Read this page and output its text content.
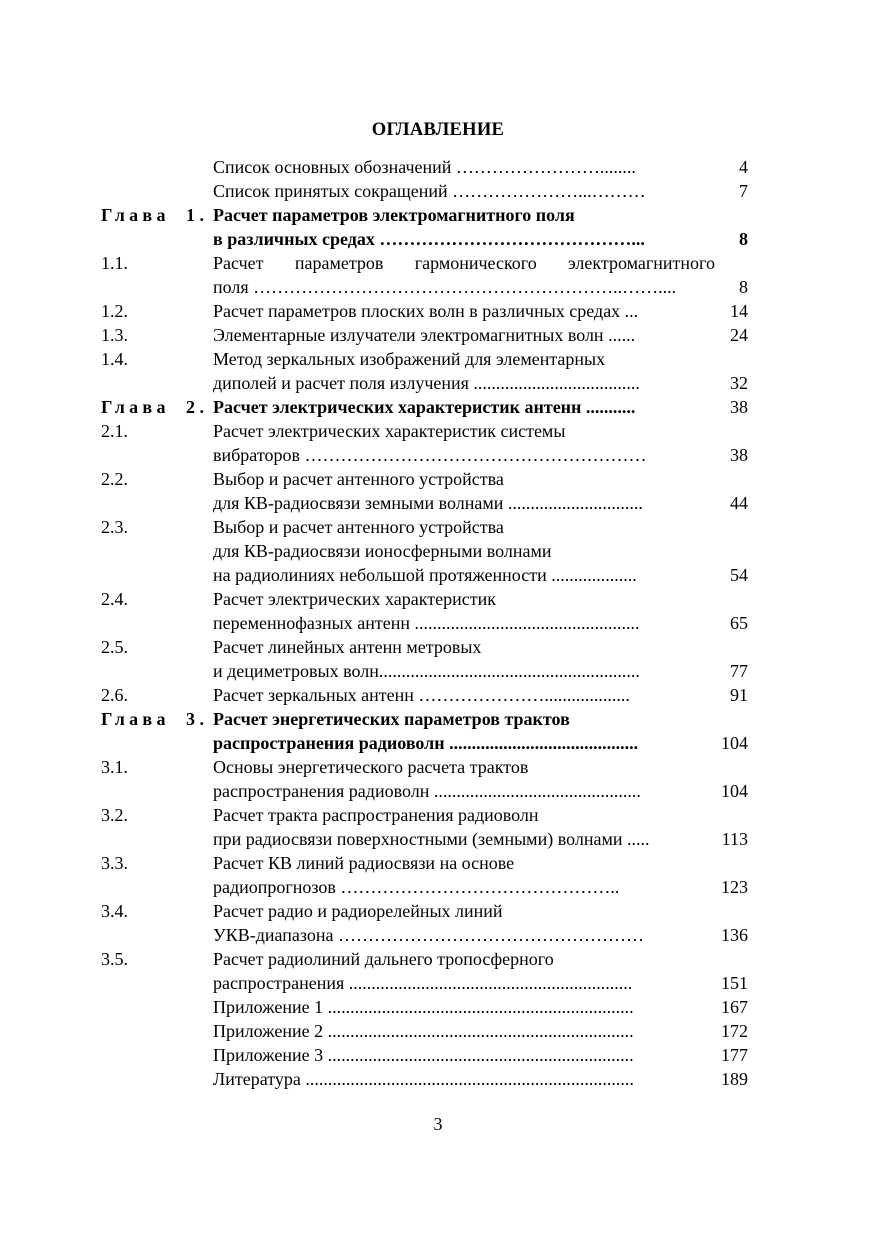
ОГЛАВЛЕНИЕ
Список основных обозначений ……………………........	4
Список принятых сокращений …………………...………	7
Глава 1 . Расчет параметров электромагнитного поля
в различных средах ……………………………………...	8
1.1.	Расчет параметров гармонического электромагнитного
поля ……………………………………………………..……....	8
1.2.	Расчет параметров плоских волн в различных средах ...	14
1.3.	Элементарные излучатели электромагнитных волн ......	24
1.4.	Метод зеркальных изображений для элементарных
диполей и расчет поля излучения .....................................	32
Глава 2 . Расчет электрических характеристик антенн ...........	38
2.1.	Расчет электрических характеристик системы
вибраторов …………………………………………………	38
2.2.	Выбор и расчет антенного устройства
для КВ-радиосвязи земными волнами ..............................	44
2.3.	Выбор и расчет антенного устройства
для КВ-радиосвязи ионосферными волнами
на радиолиниях небольшой протяженности ...................	54
2.4.	Расчет электрических характеристик
переменнофазных антенн ..................................................	65
2.5.	Расчет линейных антенн метровых
и дециметровых волн..........................................................	77
2.6.	Расчет зеркальных антенн …………………...................	91
Глава 3 . Расчет энергетических параметров трактов
распространения радиоволн ..........................................	104
3.1.	Основы энергетического расчета трактов
распространения радиоволн ..............................................	104
3.2.	Расчет тракта распространения радиоволн
при радиосвязи поверхностными (земными) волнами .....	113
3.3.	Расчет КВ линий радиосвязи на основе
радиопрогнозов ………………………………………..	123
3.4.	Расчет радио и радиорелейных линий
УКВ-диапазона ……………………………………………	136
3.5.	Расчет радиолиний дальнего тропосферного
распространения ...............................................................	151
Приложение 1 ....................................................................	167
Приложение 2 ....................................................................	172
Приложение 3 ....................................................................	177
Литература .........................................................................	189
3
